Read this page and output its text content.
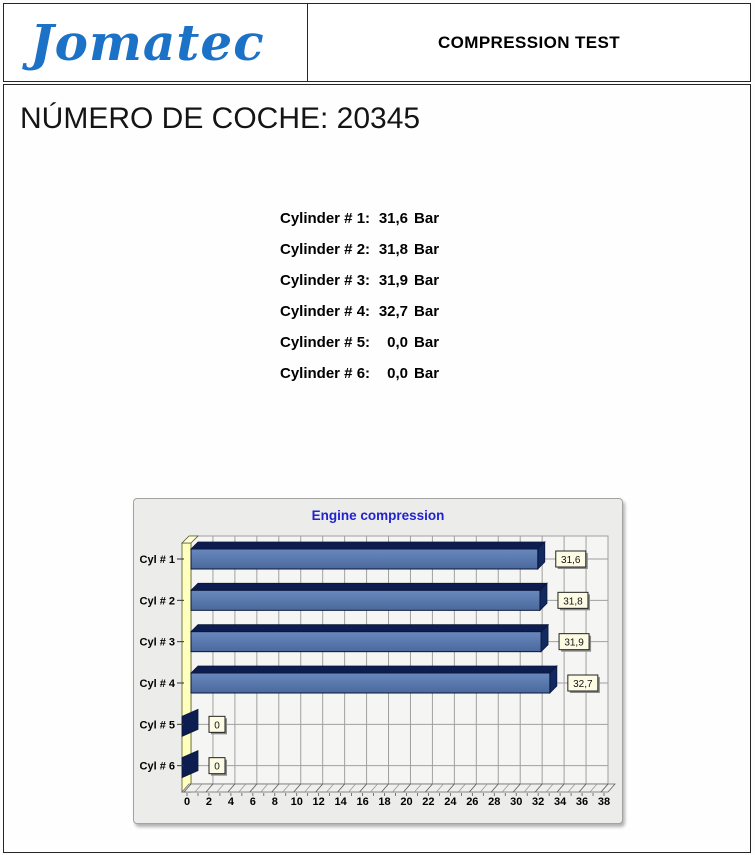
Jomatec	COMPRESSION TEST
NÚMERO DE COCHE: 20345
Cylinder # 1: 31,6 Bar
Cylinder # 2: 31,8 Bar
Cylinder # 3: 31,9 Bar
Cylinder # 4: 32,7 Bar
Cylinder # 5: 0,0 Bar
Cylinder # 6: 0,0 Bar
Engine compression
Cyl # 1
Cyl # 2
Cyl # 3
Cyl # 4
Cyl # 5
Cyl # 6
0 2 4 6 8 10 12 14 16 18 20 22 24 26 28 30 32 34 36 38
31,6
31,8
31,9
32,7
0
0
